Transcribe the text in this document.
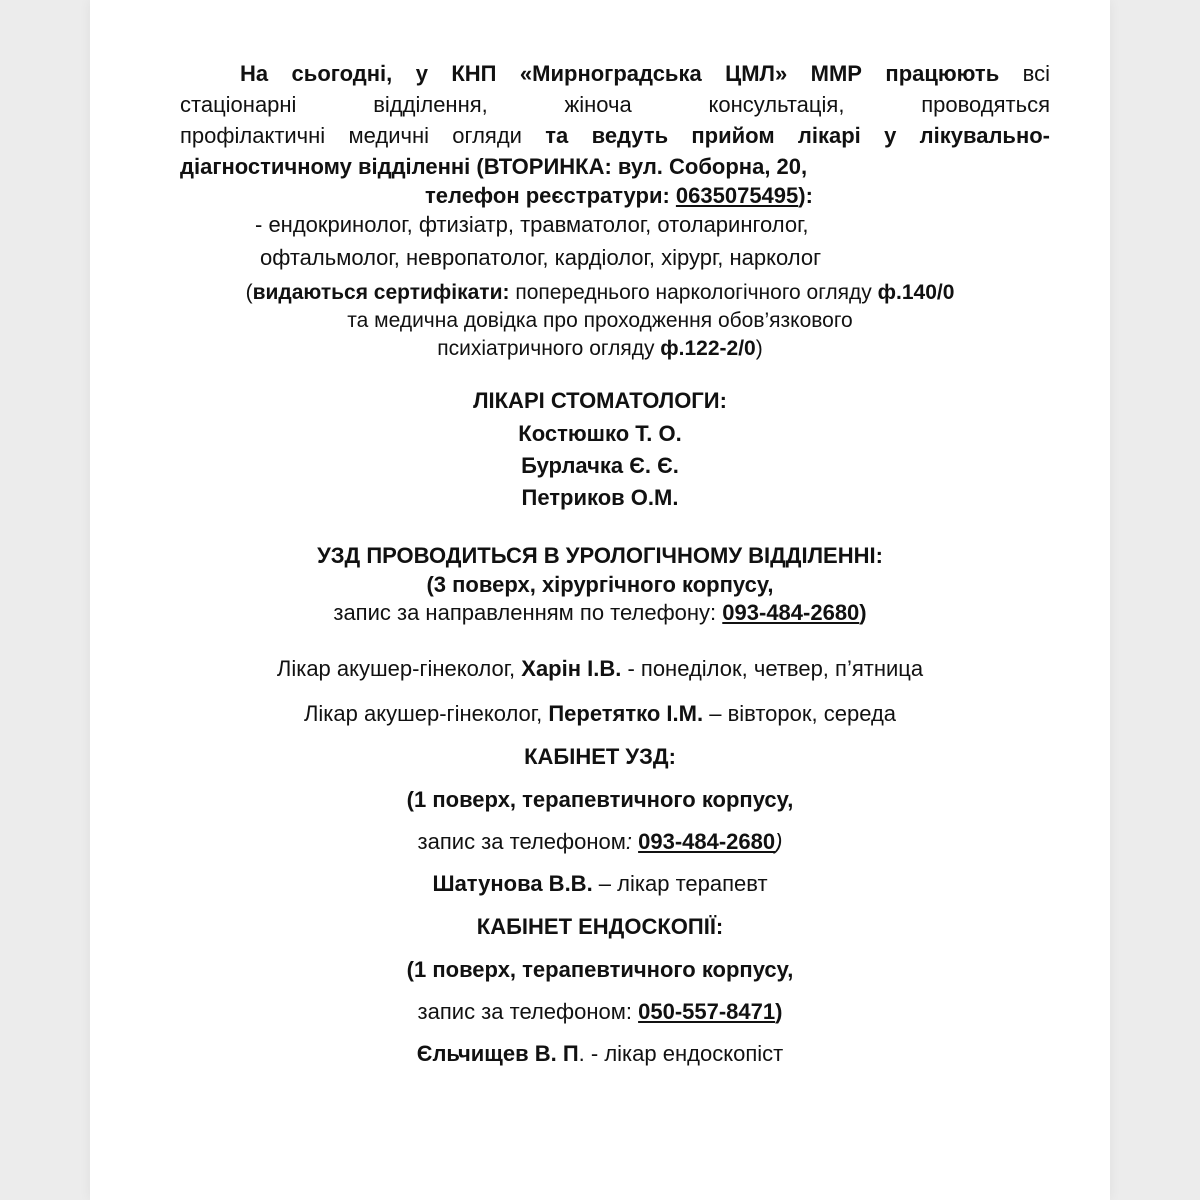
На сьогодні, у КНП «Мирноградська ЦМЛ» ММР працюють всі

стаціонарні	відділення,	жіноча	консультація,	проводяться

профілактичні медичні огляди та ведуть прийом лікарі у лікувально-

діагностичному відділенні (ВТОРИНКА: вул. Соборна, 20,

телефон реєстратури: 0635075495):

- ендокринолог, фтизіатр, травматолог, отоларинголог,

офтальмолог, невропатолог, кардіолог, хірург, нарколог

(видаються сертифікати: попереднього наркологічного огляду ф.140/0

та медична довідка про проходження обов’язкового

психіатричного огляду ф.122-2/0)

ЛІКАРІ СТОМАТОЛОГИ:

Костюшко Т. О.

Бурлачка Є. Є.

Петриков О.М.

УЗД ПРОВОДИТЬСЯ В УРОЛОГІЧНОМУ ВІДДІЛЕННІ:

(3 поверх, хірургічного корпусу,

запис за направленням по телефону: 093-484-2680)

Лікар акушер-гінеколог, Харін І.В. - понеділок, четвер, п’ятница

Лікар акушер-гінеколог, Перетятко І.М. – вівторок, середа

КАБІНЕТ УЗД:

(1 поверх, терапевтичного корпусу,

запис за телефоном: 093-484-2680)

Шатунова В.В. – лікар терапевт

КАБІНЕТ ЕНДОСКОПІЇ:

(1 поверх, терапевтичного корпусу,

запис за телефоном: 050-557-8471)

Єльчищев В. П. - лікар ендоскопіст
